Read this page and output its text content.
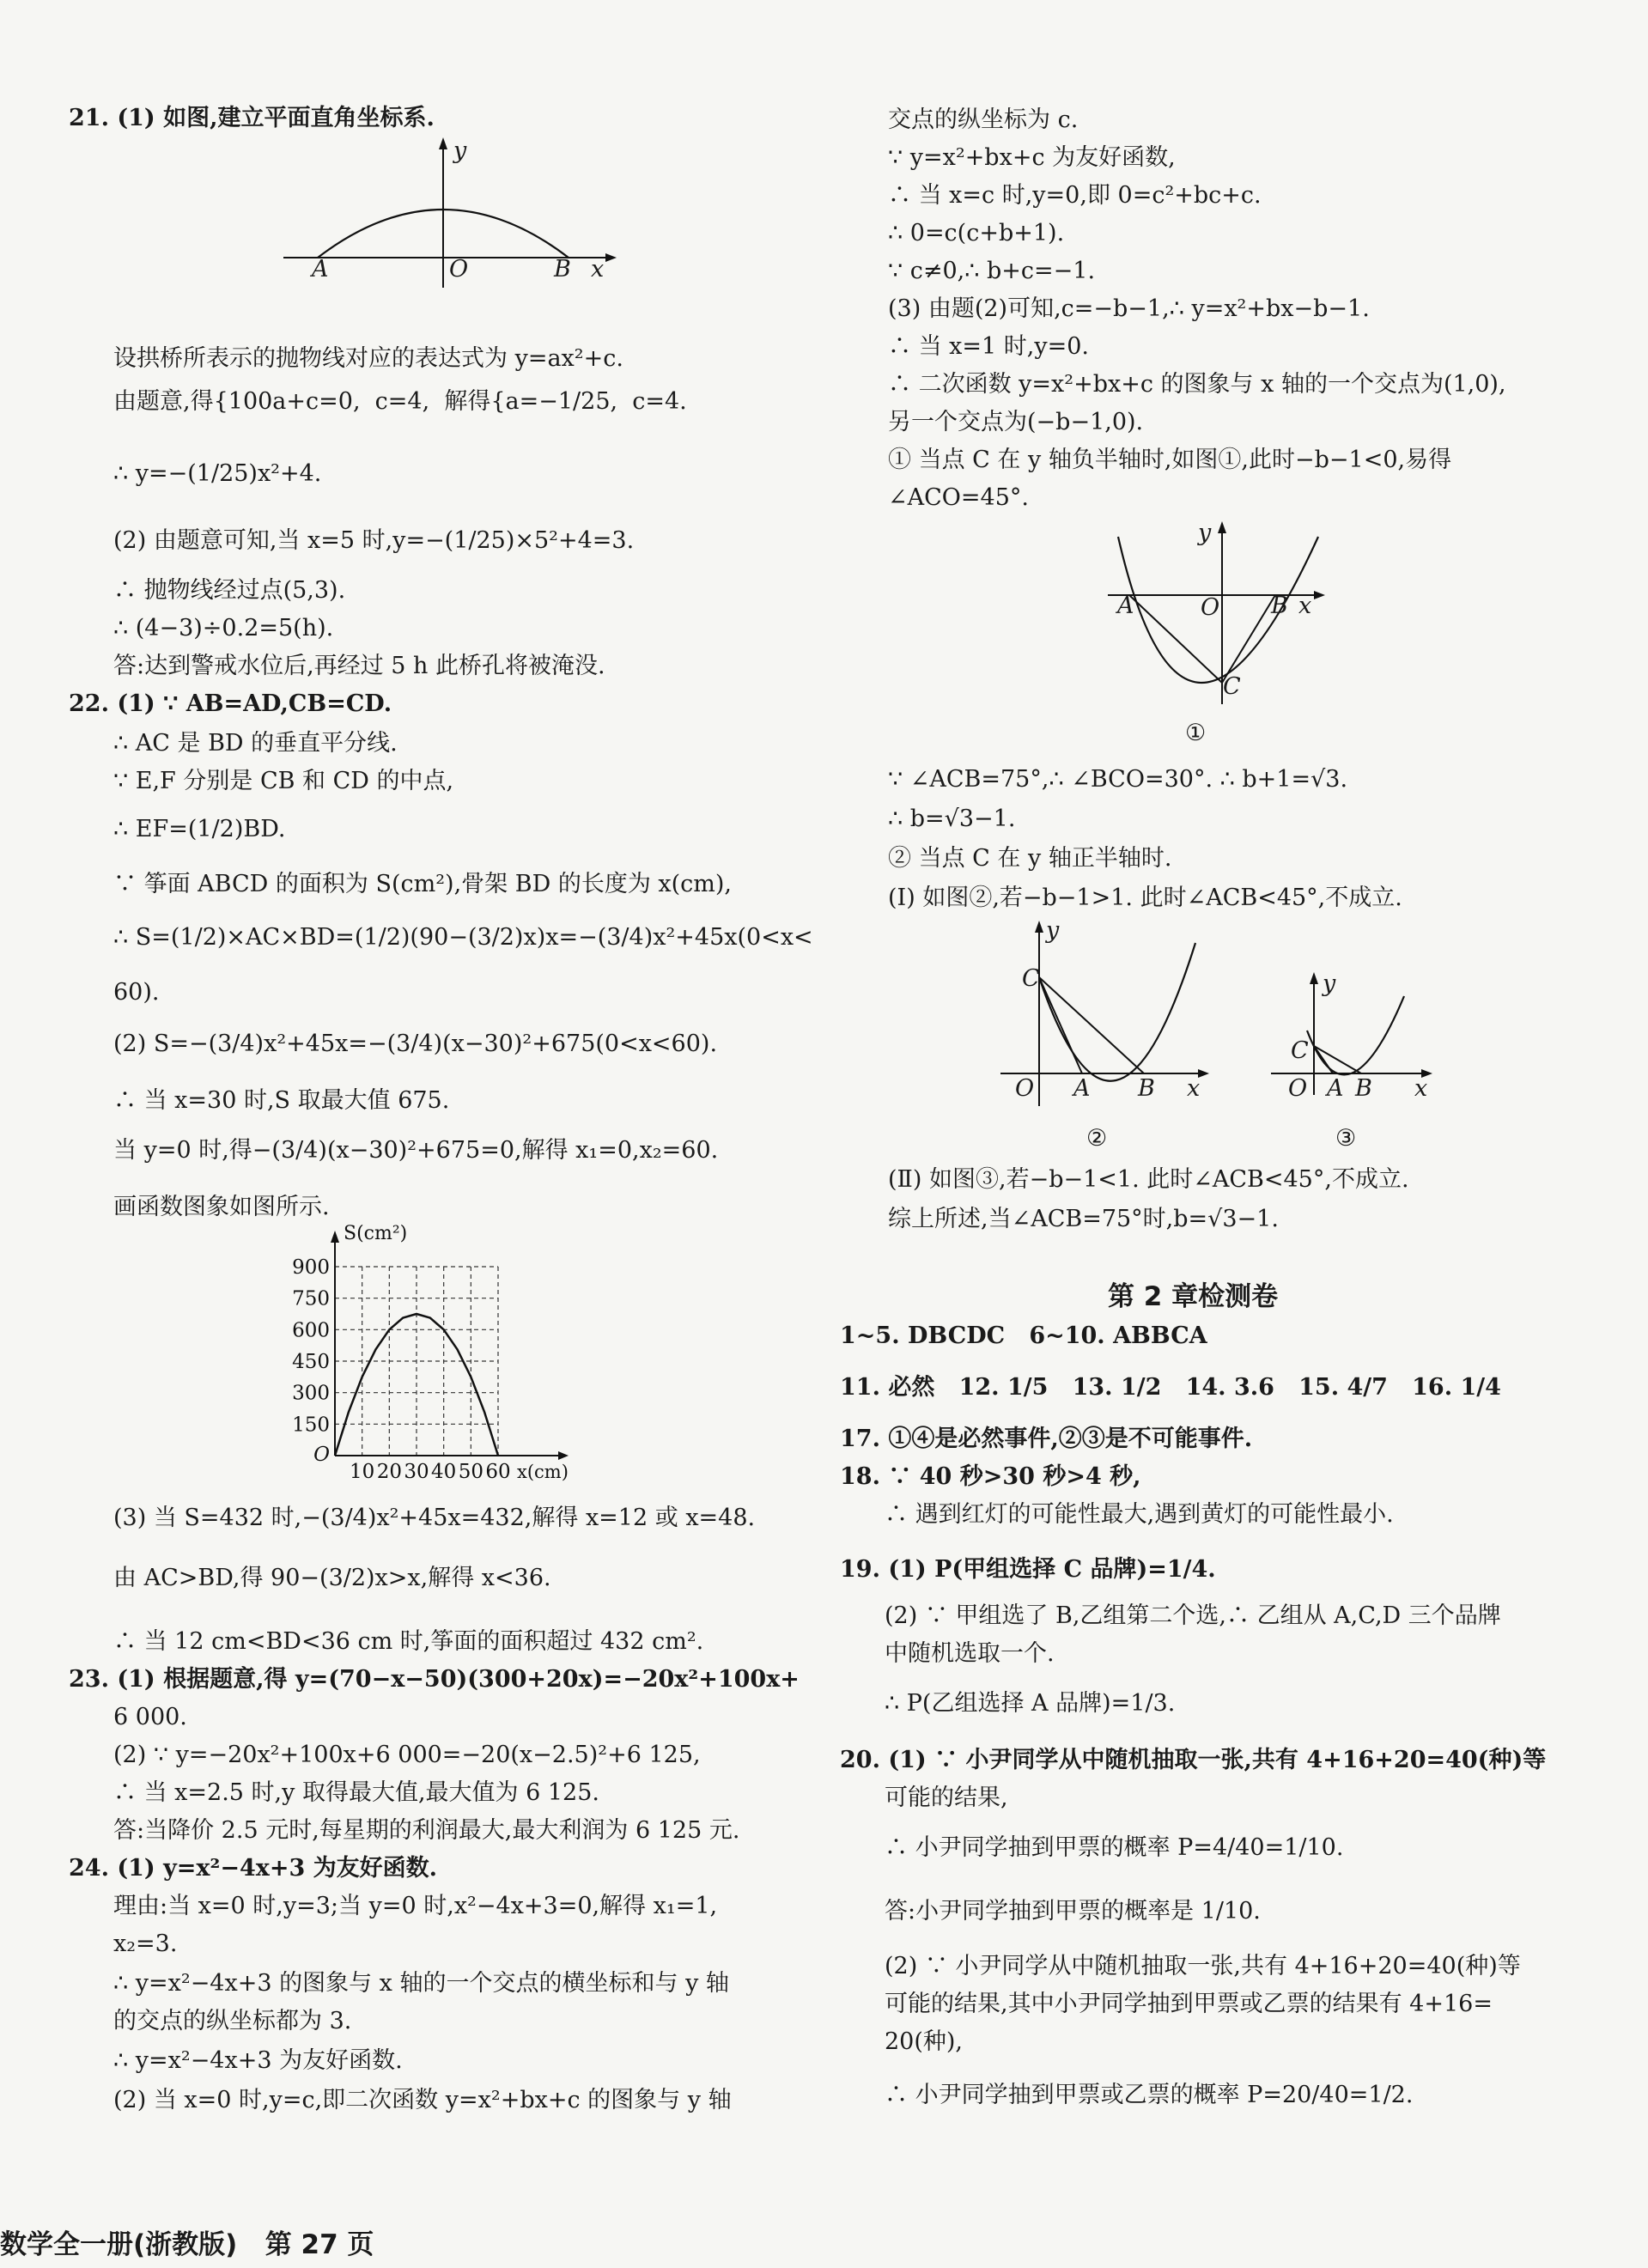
21. (1) 如图,建立平面直角坐标系.
A	O	B x
y
设拱桥所表示的抛物线对应的表达式为 y=ax²+c.
由题意,得{100a+c=0,  c=4,  解得{a=−1/25,  c=4.
∴ y=−(1/25)x²+4.
(2) 由题意可知,当 x=5 时,y=−(1/25)×5²+4=3.
∴ 抛物线经过点(5,3).
∴ (4−3)÷0.2=5(h).
答:达到警戒水位后,再经过 5 h 此桥孔将被淹没.
22. (1) ∵ AB=AD,CB=CD.
∴ AC 是 BD 的垂直平分线.
∵ E,F 分别是 CB 和 CD 的中点,
∴ EF=(1/2)BD.
∵ 筝面 ABCD 的面积为 S(cm²),骨架 BD 的长度为 x(cm),
∴ S=(1/2)×AC×BD=(1/2)(90−(3/2)x)x=−(3/4)x²+45x(0<x<
60).
(2) S=−(3/4)x²+45x=−(3/4)(x−30)²+675(0<x<60).
∴ 当 x=30 时,S 取最大值 675.
当 y=0 时,得−(3/4)(x−30)²+675=0,解得 x₁=0,x₂=60.
画函数图象如图所示.
10 20 30 40 50 60
150
300
450
600
750
900
O
x(cm)
S(cm²)
(3) 当 S=432 时,−(3/4)x²+45x=432,解得 x=12 或 x=48.
由 AC>BD,得 90−(3/2)x>x,解得 x<36.
∴ 当 12 cm<BD<36 cm 时,筝面的面积超过 432 cm².
23. (1) 根据题意,得 y=(70−x−50)(300+20x)=−20x²+100x+
6 000.
(2) ∵ y=−20x²+100x+6 000=−20(x−2.5)²+6 125,
∴ 当 x=2.5 时,y 取得最大值,最大值为 6 125.
答:当降价 2.5 元时,每星期的利润最大,最大利润为 6 125 元.
24. (1) y=x²−4x+3 为友好函数.
理由:当 x=0 时,y=3;当 y=0 时,x²−4x+3=0,解得 x₁=1,
x₂=3.
∴ y=x²−4x+3 的图象与 x 轴的一个交点的横坐标和与 y 轴
的交点的纵坐标都为 3.
∴ y=x²−4x+3 为友好函数.
(2) 当 x=0 时,y=c,即二次函数 y=x²+bx+c 的图象与 y 轴
交点的纵坐标为 c.
∵ y=x²+bx+c 为友好函数,
∴ 当 x=c 时,y=0,即 0=c²+bc+c.
∴ 0=c(c+b+1).
∵ c≠0,∴ b+c=−1.
(3) 由题(2)可知,c=−b−1,∴ y=x²+bx−b−1.
∴ 当 x=1 时,y=0.
∴ 二次函数 y=x²+bx+c 的图象与 x 轴的一个交点为(1,0),
另一个交点为(−b−1,0).
① 当点 C 在 y 轴负半轴时,如图①,此时−b−1<0,易得
∠ACO=45°.
A	O B x
y
C
①
∵ ∠ACB=75°,∴ ∠BCO=30°. ∴ b+1=√3.
∴ b=√3−1.
② 当点 C 在 y 轴正半轴时.
(Ⅰ) 如图②,若−b−1>1. 此时∠ACB<45°,不成立.
C
y
O A B x
②
C
y
O A B x
③
(Ⅱ) 如图③,若−b−1<1. 此时∠ACB<45°,不成立.
综上所述,当∠ACB=75°时,b=√3−1.
第 2 章检测卷
1~5. DBCDC   6~10. ABBCA
11. 必然   12. 1/5   13. 1/2   14. 3.6   15. 4/7   16. 1/4
17. ①④是必然事件,②③是不可能事件.
18. ∵ 40 秒>30 秒>4 秒,
∴ 遇到红灯的可能性最大,遇到黄灯的可能性最小.
19. (1) P(甲组选择 C 品牌)=1/4.
(2) ∵ 甲组选了 B,乙组第二个选,∴ 乙组从 A,C,D 三个品牌
中随机选取一个.
∴ P(乙组选择 A 品牌)=1/3.
20. (1) ∵ 小尹同学从中随机抽取一张,共有 4+16+20=40(种)等
可能的结果,
∴ 小尹同学抽到甲票的概率 P=4/40=1/10.
答:小尹同学抽到甲票的概率是 1/10.
(2) ∵ 小尹同学从中随机抽取一张,共有 4+16+20=40(种)等
可能的结果,其中小尹同学抽到甲票或乙票的结果有 4+16=
20(种),
∴ 小尹同学抽到甲票或乙票的概率 P=20/40=1/2.
数学全一册(浙教版)   第 27 页
